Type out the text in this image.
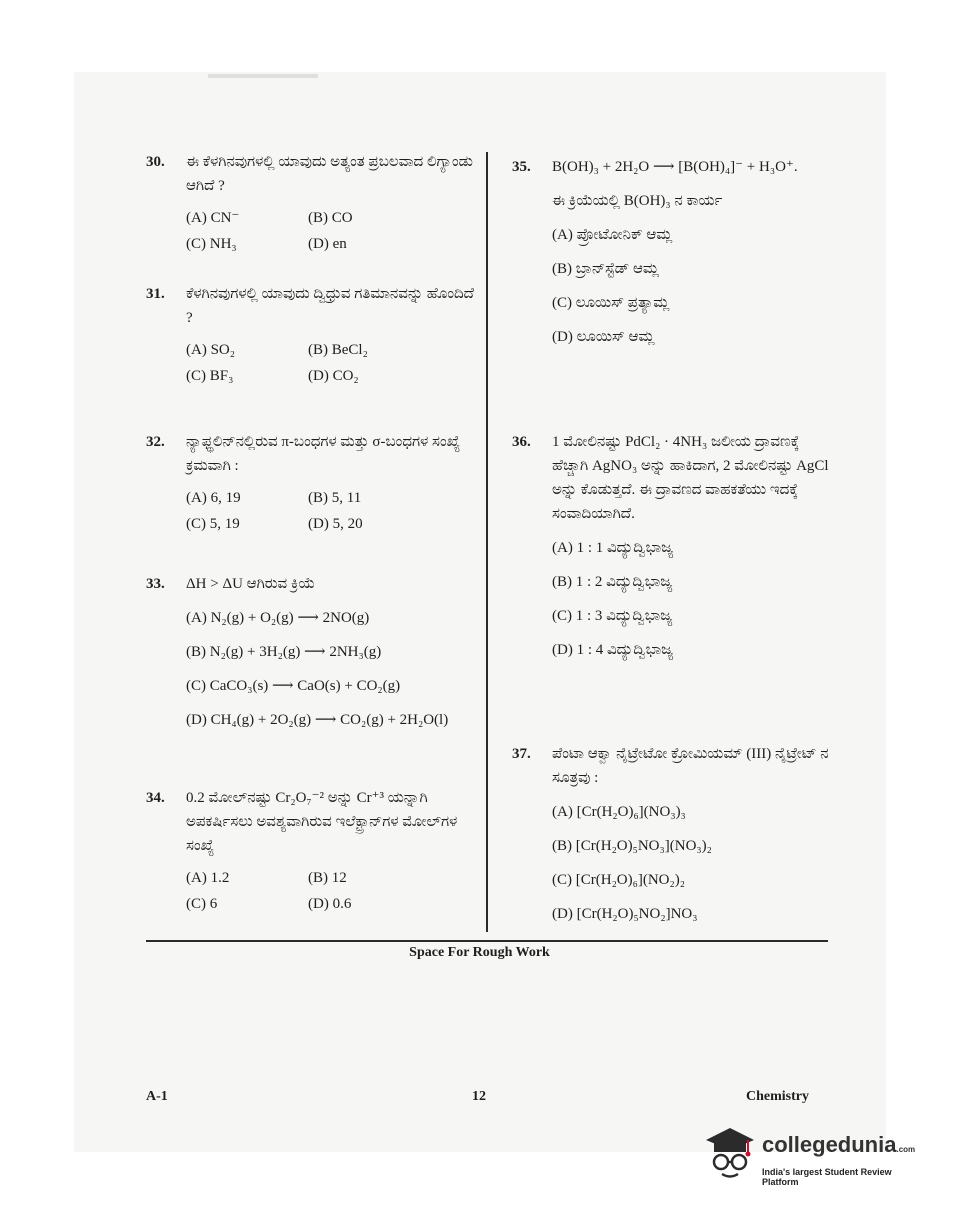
30. ಈ ಕೆಳಗಿನವುಗಳಲ್ಲಿ ಯಾವುದು ಅತ್ಯಂತ ಪ್ರಬಲವಾದ ಲಿಗ್ಯಾಂಡು ಆಗಿದೆ ?
(A) CN⁻	(B) CO
(C) NH₃	(D) en
31. ಕೆಳಗಿನವುಗಳಲ್ಲಿ ಯಾವುದು ದ್ವಿಧ್ರುವ ಗತಿಮಾನವನ್ನು ಹೊಂದಿದೆ ?
(A) SO₂	(B) BeCl₂
(C) BF₃	(D) CO₂
32. ನ್ಯಾಫ್ಥಲಿನ್‌ನಲ್ಲಿರುವ π-ಬಂಧಗಳ ಮತ್ತು σ-ಬಂಧಗಳ ಸಂಖ್ಯೆ ಕ್ರಮವಾಗಿ :
(A) 6, 19	(B) 5, 11
(C) 5, 19	(D) 5, 20
33. ΔH > ΔU ಆಗಿರುವ ಕ್ರಿಯೆ
(A) N₂(g) + O₂(g) ⟶ 2NO(g)
(B) N₂(g) + 3H₂(g) ⟶ 2NH₃(g)
(C) CaCO₃(s) ⟶ CaO(s) + CO₂(g)
(D) CH₄(g) + 2O₂(g) ⟶ CO₂(g) + 2H₂O(l)
34. 0.2 ಮೋಲ್‌ನಷ್ಟು Cr₂O₇⁻² ಅನ್ನು Cr⁺³ ಯನ್ನಾಗಿ ಅಪಕರ್ಷಿಸಲು ಅವಶ್ಯವಾಗಿರುವ ಇಲೆಕ್ಟ್ರಾನ್‌ಗಳ ಮೋಲ್‌ಗಳ ಸಂಖ್ಯೆ
(A) 1.2	(B) 12
(C) 6	(D) 0.6
35. B(OH)₃ + 2H₂O ⟶ [B(OH)₄]⁻ + H₃O⁺.
ಈ ಕ್ರಿಯೆಯಲ್ಲಿ B(OH)₃ ನ ಕಾರ್ಯ
(A) ಪ್ರೋಟೋನಿಕ್ ಆಮ್ಲ
(B) ಬ್ರಾನ್‌ಸ್ಟೆಡ್ ಆಮ್ಲ
(C) ಲೂಯಿಸ್ ಪ್ರತ್ಯಾಮ್ಲ
(D) ಲೂಯಿಸ್ ಆಮ್ಲ
36. 1 ಮೋಲಿನಷ್ಟು PdCl₂ · 4NH₃ ಜಲೀಯ ದ್ರಾವಣಕ್ಕೆ ಹೆಚ್ಚಾಗಿ AgNO₃ ಅನ್ನು ಹಾಕಿದಾಗ, 2 ಮೋಲಿನಷ್ಟು AgCl ಅನ್ನು ಕೊಡುತ್ತದೆ. ಈ ದ್ರಾವಣದ ವಾಹಕತೆಯು ಇದಕ್ಕೆ ಸಂವಾದಿಯಾಗಿದೆ.
(A) 1 : 1 ವಿದ್ಯುದ್ವಿಭಾಜ್ಯ
(B) 1 : 2 ವಿದ್ಯುದ್ವಿಭಾಜ್ಯ
(C) 1 : 3 ವಿದ್ಯುದ್ವಿಭಾಜ್ಯ
(D) 1 : 4 ವಿದ್ಯುದ್ವಿಭಾಜ್ಯ
37. ಪೆಂಟಾ ಆಕ್ವಾ ನೈಟ್ರೇಟೋ ಕ್ರೋಮಿಯಮ್ (III) ನೈಟ್ರೇಟ್ ನ ಸೂತ್ರವು :
(A) [Cr(H₂O)₆](NO₃)₃
(B) [Cr(H₂O)₅NO₃](NO₃)₂
(C) [Cr(H₂O)₆](NO₂)₂
(D) [Cr(H₂O)₅NO₂]NO₃
Space For Rough Work
A-1	12	Chemistry
collegedunia.com
India's largest Student Review Platform
